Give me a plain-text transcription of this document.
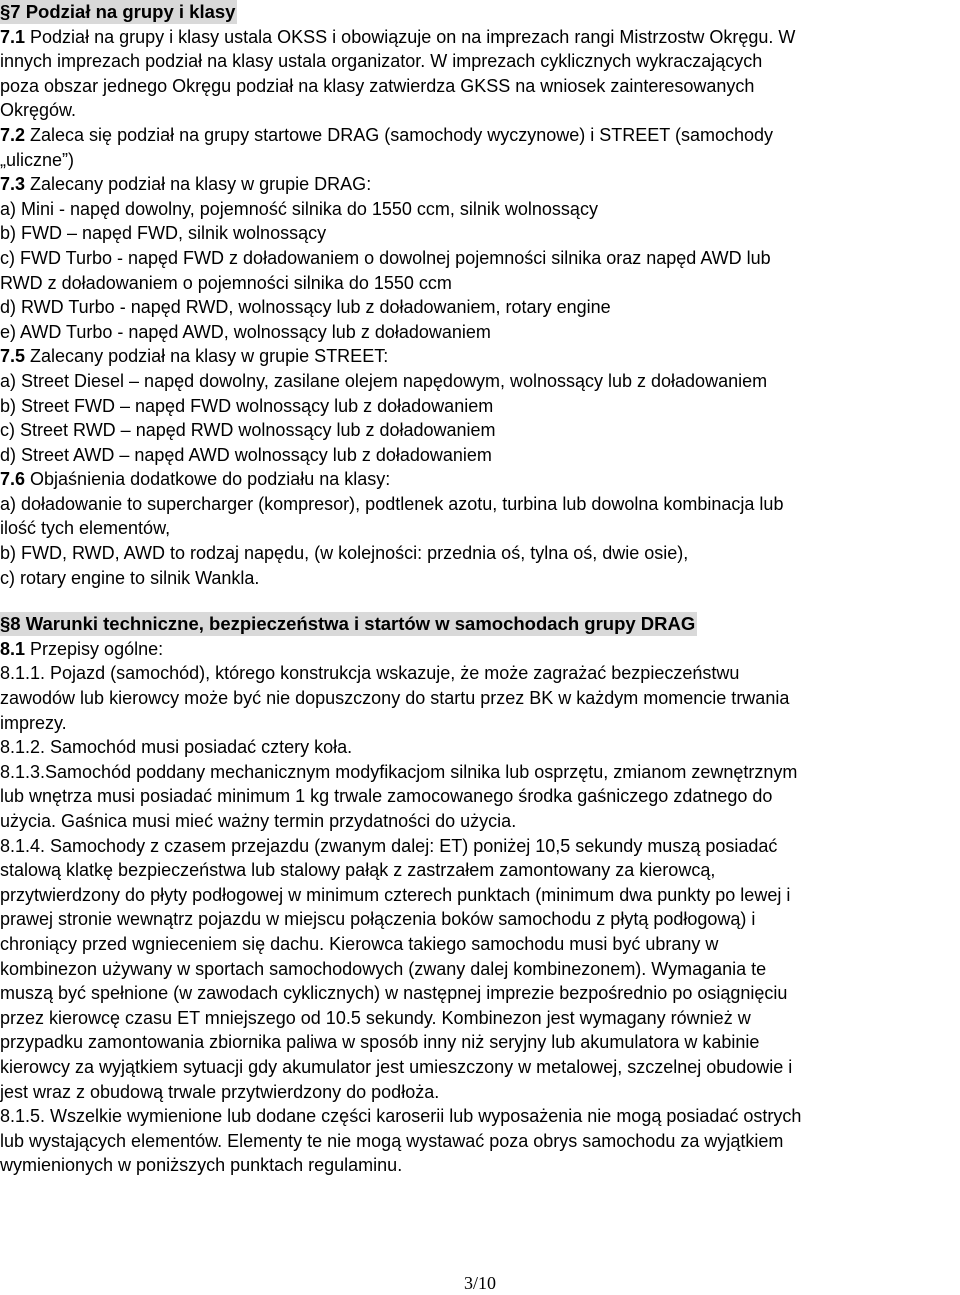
§7 Podział na grupy i klasy
7.1 Podział na grupy i klasy ustala OKSS i obowiązuje on na imprezach rangi Mistrzostw Okręgu. W
innych imprezach podział na klasy ustala organizator. W imprezach cyklicznych wykraczających
poza obszar jednego Okręgu podział na klasy zatwierdza GKSS na wniosek zainteresowanych
Okręgów.
7.2 Zaleca się podział na grupy startowe DRAG (samochody wyczynowe) i STREET (samochody
„uliczne”)
7.3 Zalecany podział na klasy w grupie DRAG:
a) Mini - napęd dowolny, pojemność silnika do 1550 ccm, silnik wolnossący
b) FWD – napęd FWD, silnik wolnossący
c) FWD Turbo - napęd FWD z doładowaniem o dowolnej pojemności silnika oraz napęd AWD lub
RWD z doładowaniem o pojemności silnika do 1550 ccm
d) RWD Turbo - napęd RWD, wolnossący lub z doładowaniem, rotary engine
e) AWD Turbo - napęd AWD, wolnossący lub z doładowaniem
7.5 Zalecany podział na klasy w grupie STREET:
a) Street Diesel – napęd dowolny, zasilane olejem napędowym, wolnossący lub z doładowaniem
b) Street FWD – napęd FWD wolnossący lub z doładowaniem
c) Street RWD – napęd RWD wolnossący lub z doładowaniem
d) Street AWD – napęd AWD wolnossący lub z doładowaniem
7.6 Objaśnienia dodatkowe do podziału na klasy:
a) doładowanie to supercharger (kompresor), podtlenek azotu, turbina lub dowolna kombinacja lub
ilość tych elementów,
b) FWD, RWD, AWD to rodzaj napędu, (w kolejności: przednia oś, tylna oś, dwie osie),
c) rotary engine to silnik Wankla.
§8 Warunki techniczne, bezpieczeństwa i startów w samochodach grupy DRAG
8.1 Przepisy ogólne:
8.1.1. Pojazd (samochód), którego konstrukcja wskazuje, że może zagrażać bezpieczeństwu
zawodów lub kierowcy może być nie dopuszczony do startu przez BK w każdym momencie trwania
imprezy.
8.1.2. Samochód musi posiadać cztery koła.
8.1.3.Samochód poddany mechanicznym modyfikacjom silnika lub osprzętu, zmianom zewnętrznym
lub wnętrza musi posiadać minimum 1 kg trwale zamocowanego środka gaśniczego zdatnego do
użycia. Gaśnica musi mieć ważny termin przydatności do użycia.
8.1.4. Samochody z czasem przejazdu (zwanym dalej: ET) poniżej 10,5 sekundy muszą posiadać
stalową klatkę bezpieczeństwa lub stalowy pałąk z zastrzałem zamontowany za kierowcą,
przytwierdzony do płyty podłogowej w minimum czterech punktach (minimum dwa punkty po lewej i
prawej stronie wewnątrz pojazdu w miejscu połączenia boków samochodu z płytą podłogową) i
chroniący przed wgnieceniem się dachu. Kierowca takiego samochodu musi być ubrany w
kombinezon używany w sportach samochodowych (zwany dalej kombinezonem). Wymagania te
muszą być spełnione (w zawodach cyklicznych) w następnej imprezie bezpośrednio po osiągnięciu
przez kierowcę czasu ET mniejszego od 10.5 sekundy. Kombinezon jest wymagany również w
przypadku zamontowania zbiornika paliwa w sposób inny niż seryjny lub akumulatora w kabinie
kierowcy za wyjątkiem sytuacji gdy akumulator jest umieszczony w metalowej, szczelnej obudowie i
jest wraz z obudową trwale przytwierdzony do podłoża.
8.1.5. Wszelkie wymienione lub dodane części karoserii lub wyposażenia nie mogą posiadać ostrych
lub wystających elementów. Elementy te nie mogą wystawać poza obrys samochodu za wyjątkiem
wymienionych w poniższych punktach regulaminu.
3/10
